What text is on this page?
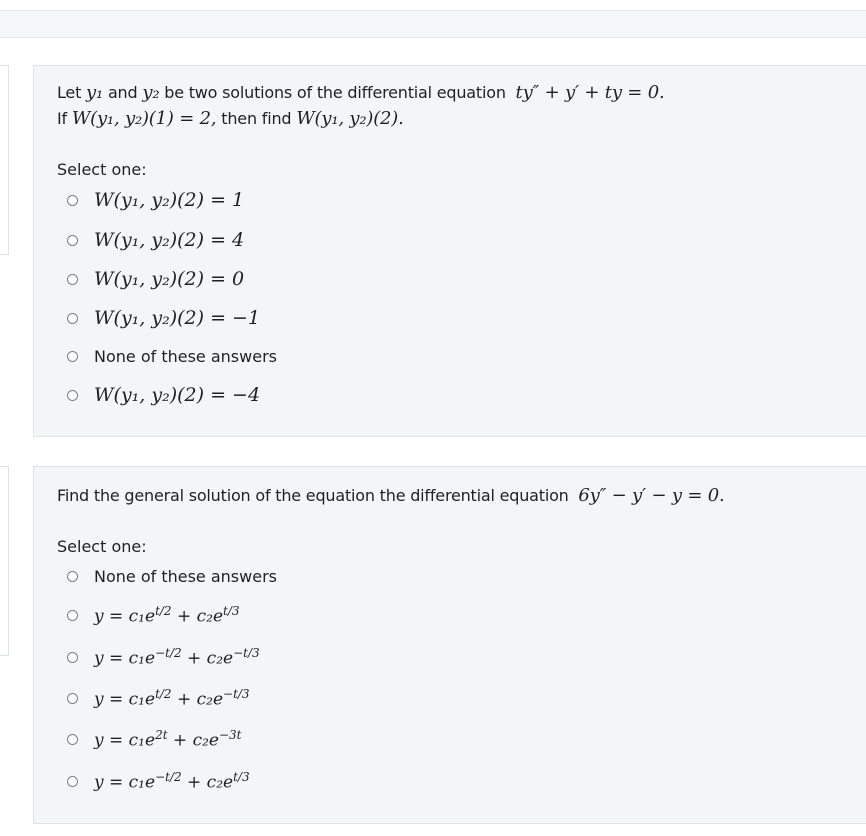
Let y₁ and y₂ be two solutions of the differential equation ty″ + y′ + ty = 0.
If W(y₁, y₂)(1) = 2, then find W(y₁, y₂)(2).
Select one:
W(y₁, y₂)(2) = 1
W(y₁, y₂)(2) = 4
W(y₁, y₂)(2) = 0
W(y₁, y₂)(2) = −1
None of these answers
W(y₁, y₂)(2) = −4
Find the general solution of the equation the differential equation 6y″ − y′ − y = 0.
Select one:
None of these answers
$y = c_1e^{t/2} + c_2e^{t/3}$
$y = c_1e^{-t/2} + c_2e^{-t/3}$
$y = c_1e^{t/2} + c_2e^{-t/3}$
$y = c_1e^{2t} + c_2e^{-3t}$
$y = c_1e^{-t/2} + c_2e^{t/3}$
